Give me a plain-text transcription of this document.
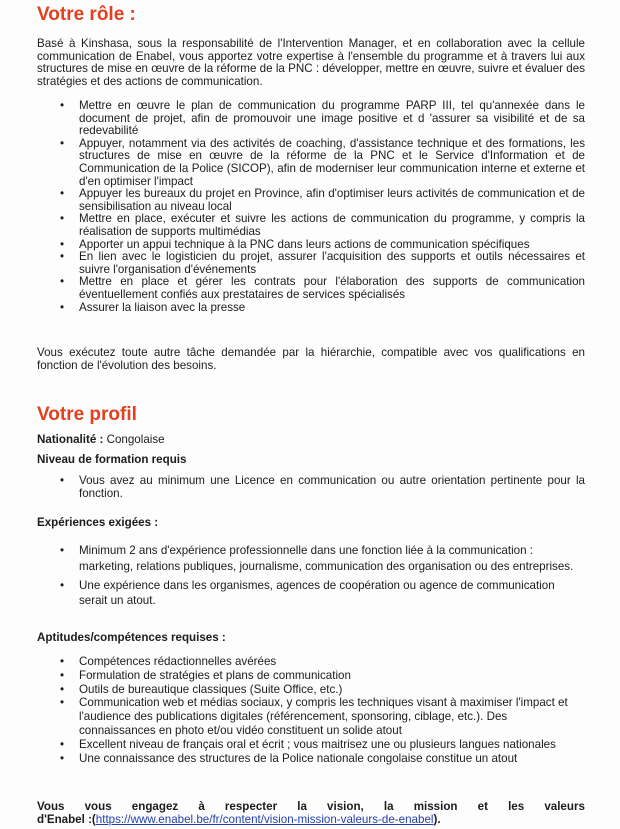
Votre rôle :

Basé à Kinshasa, sous la responsabilité de l'Intervention Manager, et en collaboration avec la cellule communication de Enabel, vous apportez votre expertise à l'ensemble du programme et à travers lui aux structures de mise en œuvre de la réforme de la PNC : développer, mettre en œuvre, suivre et évaluer des stratégies et des actions de communication.

• Mettre en œuvre le plan de communication du programme PARP III, tel qu'annexée dans le document de projet, afin de promouvoir une image positive et d 'assurer sa visibilité et de sa redevabilité
• Appuyer, notamment via des activités de coaching, d'assistance technique et des formations, les structures de mise en œuvre de la réforme de la PNC et le Service d'Information et de Communication de la Police (SICOP), afin de moderniser leur communication interne et externe et d'en optimiser l'impact
• Appuyer les bureaux du projet en Province, afin d'optimiser leurs activités de communication et de sensibilisation au niveau local
• Mettre en place, exécuter et suivre les actions de communication du programme, y compris la réalisation de supports multimédias
• Apporter un appui technique à la PNC dans leurs actions de communication spécifiques
• En lien avec le logisticien du projet, assurer l'acquisition des supports et outils nécessaires et suivre l'organisation d'événements
• Mettre en place et gérer les contrats pour l'élaboration des supports de communication éventuellement confiés aux prestataires de services spécialisés
• Assurer la liaison avec la presse

Vous exécutez toute autre tâche demandée par la hiérarchie, compatible avec vos qualifications en fonction de l'évolution des besoins.

Votre profil

Nationalité : Congolaise

Niveau de formation requis

• Vous avez au minimum une Licence en communication ou autre orientation pertinente pour la fonction.

Expériences exigées :

• Minimum 2 ans d'expérience professionnelle dans une fonction liée à la communication : marketing, relations publiques, journalisme, communication des organisation ou des entreprises.
• Une expérience dans les organismes, agences de coopération ou agence de communication serait un atout.

Aptitudes/compétences requises :

• Compétences rédactionnelles avérées
• Formulation de stratégies et plans de communication
• Outils de bureautique classiques (Suite Office, etc.)
• Communication web et médias sociaux, y compris les techniques visant à maximiser l'impact et l'audience des publications digitales (référencement, sponsoring, ciblage, etc.). Des connaissances en photo et/ou vidéo constituent un solide atout
• Excellent niveau de français oral et écrit ; vous maitrisez une ou plusieurs langues nationales
• Une connaissance des structures de la Police nationale congolaise constitue un atout
Vous vous engagez à respecter la vision, la mission et les valeurs
d'Enabel :(https://www.enabel.be/fr/content/vision-mission-valeurs-de-enabel).
